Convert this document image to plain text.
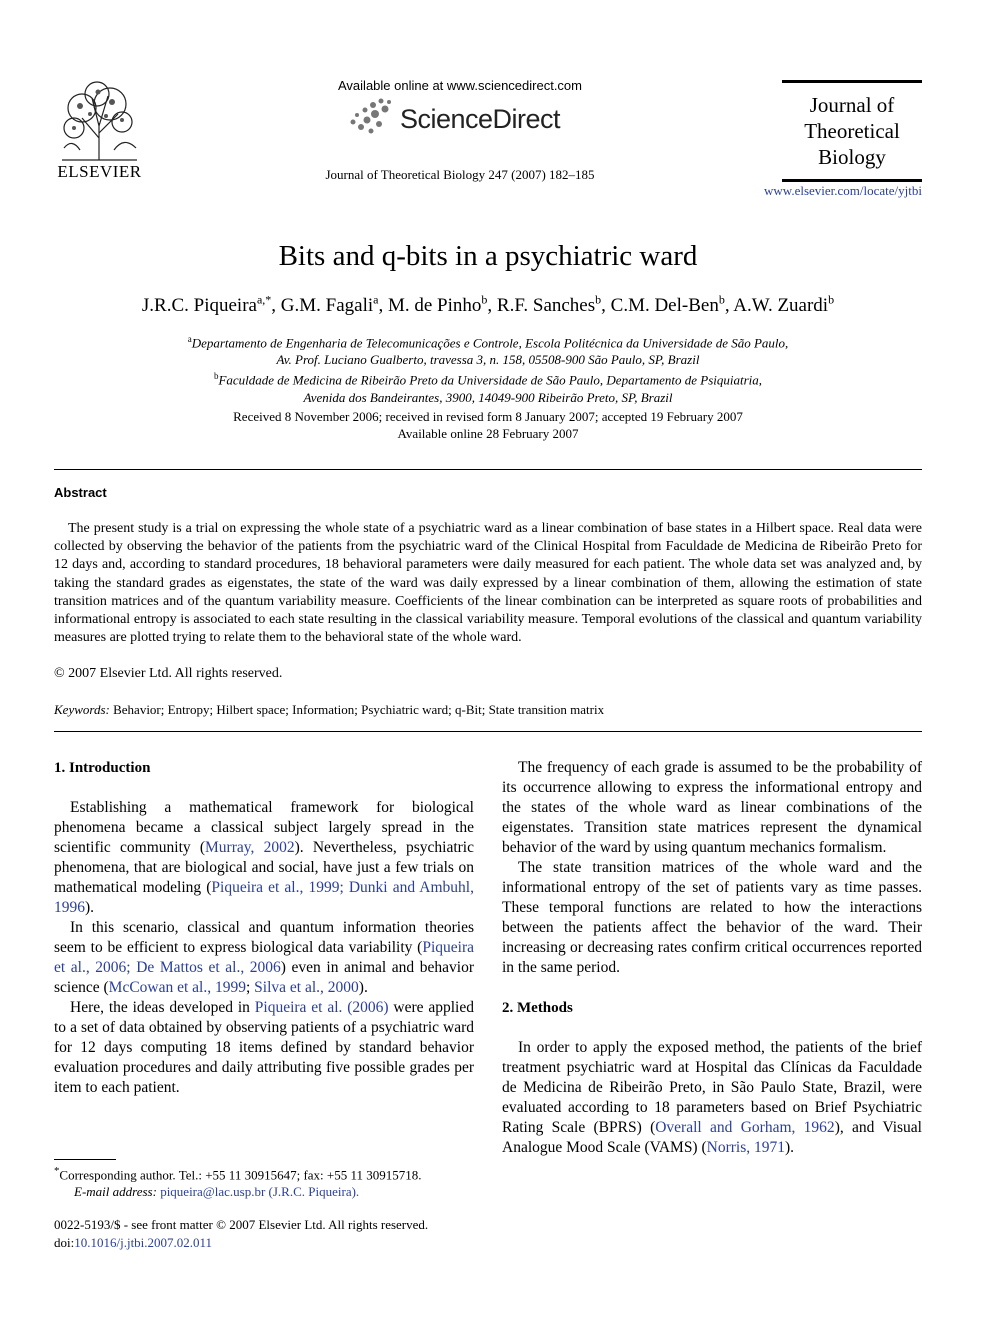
ELSEVIER
Available online at www.sciencedirect.com
ScienceDirect
Journal of Theoretical Biology 247 (2007) 182–185
Journal of
Theoretical
Biology
www.elsevier.com/locate/yjtbi
Bits and q-bits in a psychiatric ward
J.R.C. Piqueira$^{a,*}$, G.M. Fagali$^a$, M. de Pinho$^b$, R.F. Sanches$^b$, C.M. Del-Ben$^b$, A.W. Zuardi$^b$
$^a$Departamento de Engenharia de Telecomunicações e Controle, Escola Politécnica da Universidade de São Paulo,
Av. Prof. Luciano Gualberto, travessa 3, n. 158, 05508-900 São Paulo, SP, Brazil
$^b$Faculdade de Medicina de Ribeirão Preto da Universidade de São Paulo, Departamento de Psiquiatria,
Avenida dos Bandeirantes, 3900, 14049-900 Ribeirão Preto, SP, Brazil
Received 8 November 2006; received in revised form 8 January 2007; accepted 19 February 2007
Available online 28 February 2007
Abstract
The present study is a trial on expressing the whole state of a psychiatric ward as a linear combination of base states in a Hilbert space. Real data were collected by observing the behavior of the patients from the psychiatric ward of the Clinical Hospital from Faculdade de Medicina de Ribeirão Preto for 12 days and, according to standard procedures, 18 behavioral parameters were daily measured for each patient. The whole data set was analyzed and, by taking the standard grades as eigenstates, the state of the ward was daily expressed by a linear combination of them, allowing the estimation of state transition matrices and of the quantum variability measure. Coefficients of the linear combination can be interpreted as square roots of probabilities and informational entropy is associated to each state resulting in the classical variability measure. Temporal evolutions of the classical and quantum variability measures are plotted trying to relate them to the behavioral state of the whole ward.
© 2007 Elsevier Ltd. All rights reserved.
Keywords: Behavior; Entropy; Hilbert space; Information; Psychiatric ward; q-Bit; State transition matrix
1. Introduction

Establishing a mathematical framework for biological phenomena became a classical subject largely spread in the scientific community (Murray, 2002). Nevertheless, psychiatric phenomena, that are biological and social, have just a few trials on mathematical modeling (Piqueira et al., 1999; Dunki and Ambuhl, 1996).

In this scenario, classical and quantum information theories seem to be efficient to express biological data variability (Piqueira et al., 2006; De Mattos et al., 2006) even in animal and behavior science (McCowan et al., 1999; Silva et al., 2000).

Here, the ideas developed in Piqueira et al. (2006) were applied to a set of data obtained by observing patients of a psychiatric ward for 12 days computing 18 items defined by standard behavior evaluation procedures and daily attributing five possible grades per item to each patient.

The frequency of each grade is assumed to be the probability of its occurrence allowing to express the informational entropy and the states of the whole ward as linear combinations of the eigenstates. Transition state matrices represent the dynamical behavior of the ward by using quantum mechanics formalism.

The state transition matrices of the whole ward and the informational entropy of the set of patients vary as time passes. These temporal functions are related to how the interactions between the patients affect the behavior of the ward. Their increasing or decreasing rates confirm critical occurrences reported in the same period.

2. Methods

In order to apply the exposed method, the patients of the brief treatment psychiatric ward at Hospital das Clínicas da Faculdade de Medicina de Ribeirão Preto, in São Paulo State, Brazil, were evaluated according to 18 parameters based on Brief Psychiatric Rating Scale (BPRS) (Overall and Gorham, 1962), and Visual Analogue Mood Scale (VAMS) (Norris, 1971).

*Corresponding author. Tel.: +55 11 30915647; fax: +55 11 30915718.
E-mail address: piqueira@lac.usp.br (J.R.C. Piqueira).
0022-5193/$ - see front matter © 2007 Elsevier Ltd. All rights reserved.
doi:10.1016/j.jtbi.2007.02.011
